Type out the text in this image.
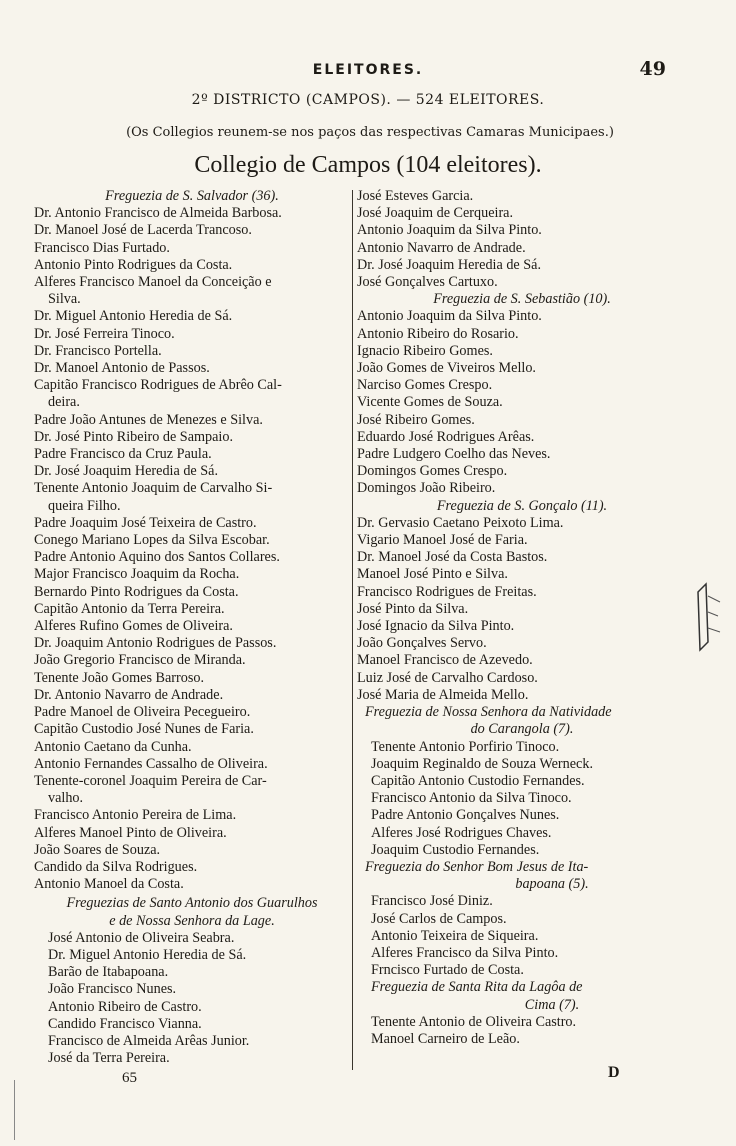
ELEITORES.	49
2º DISTRICTO (CAMPOS). — 524 ELEITORES.
(Os Collegios reunem-se nos paços das respectivas Camaras Municipaes.)
Collegio de Campos (104 eleitores).
Freguezia de S. Salvador (36).
Dr. Antonio Francisco de Almeida Barbosa.
Dr. Manoel José de Lacerda Trancoso.
Francisco Dias Furtado.
Antonio Pinto Rodrigues da Costa.
Alferes Francisco Manoel da Conceição e
Silva.
Dr. Miguel Antonio Heredia de Sá.
Dr. José Ferreira Tinoco.
Dr. Francisco Portella.
Dr. Manoel Antonio de Passos.
Capitão Francisco Rodrigues de Abrêo Cal-
deira.
Padre João Antunes de Menezes e Silva.
Dr. José Pinto Ribeiro de Sampaio.
Padre Francisco da Cruz Paula.
Dr. José Joaquim Heredia de Sá.
Tenente Antonio Joaquim de Carvalho Si-
queira Filho.
Padre Joaquim José Teixeira de Castro.
Conego Mariano Lopes da Silva Escobar.
Padre Antonio Aquino dos Santos Collares.
Major Francisco Joaquim da Rocha.
Bernardo Pinto Rodrigues da Costa.
Capitão Antonio da Terra Pereira.
Alferes Rufino Gomes de Oliveira.
Dr. Joaquim Antonio Rodrigues de Passos.
João Gregorio Francisco de Miranda.
Tenente João Gomes Barroso.
Dr. Antonio Navarro de Andrade.
Padre Manoel de Oliveira Pecegueiro.
Capitão Custodio José Nunes de Faria.
Antonio Caetano da Cunha.
Antonio Fernandes Cassalho de Oliveira.
Tenente-coronel Joaquim Pereira de Car-
valho.
Francisco Antonio Pereira de Lima.
Alferes Manoel Pinto de Oliveira.
João Soares de Souza.
Candido da Silva Rodrigues.
Antonio Manoel da Costa.
Freguezias de Santo Antonio dos Guarulhos
e de Nossa Senhora da Lage.
José Antonio de Oliveira Seabra.
Dr. Miguel Antonio Heredia de Sá.
Barão de Itabapoana.
João Francisco Nunes.
Antonio Ribeiro de Castro.
Candido Francisco Vianna.
Francisco de Almeida Arêas Junior.
José da Terra Pereira.
José Esteves Garcia.
José Joaquim de Cerqueira.
Antonio Joaquim da Silva Pinto.
Antonio Navarro de Andrade.
Dr. José Joaquim Heredia de Sá.
José Gonçalves Cartuxo.
Freguezia de S. Sebastião (10).
Antonio Joaquim da Silva Pinto.
Antonio Ribeiro do Rosario.
Ignacio Ribeiro Gomes.
João Gomes de Viveiros Mello.
Narciso Gomes Crespo.
Vicente Gomes de Souza.
José Ribeiro Gomes.
Eduardo José Rodrigues Arêas.
Padre Ludgero Coelho das Neves.
Domingos Gomes Crespo.
Domingos João Ribeiro.
Freguezia de S. Gonçalo (11).
Dr. Gervasio Caetano Peixoto Lima.
Vigario Manoel José de Faria.
Dr. Manoel José da Costa Bastos.
Manoel José Pinto e Silva.
Francisco Rodrigues de Freitas.
José Pinto da Silva.
José Ignacio da Silva Pinto.
João Gonçalves Servo.
Manoel Francisco de Azevedo.
Luiz José de Carvalho Cardoso.
José Maria de Almeida Mello.
Freguezia de Nossa Senhora da Natividade
do Carangola (7).
Tenente Antonio Porfirio Tinoco.
Joaquim Reginaldo de Souza Werneck.
Capitão Antonio Custodio Fernandes.
Francisco Antonio da Silva Tinoco.
Padre Antonio Gonçalves Nunes.
Alferes José Rodrigues Chaves.
Joaquim Custodio Fernandes.
Freguezia do Senhor Bom Jesus de Ita-
bapoana (5).
Francisco José Diniz.
José Carlos de Campos.
Antonio Teixeira de Siqueira.
Alferes Francisco da Silva Pinto.
Frncisco Furtado de Costa.
Freguezia de Santa Rita da Lagôa de
Cima (7).
Tenente Antonio de Oliveira Castro.
Manoel Carneiro de Leão.
65	D
